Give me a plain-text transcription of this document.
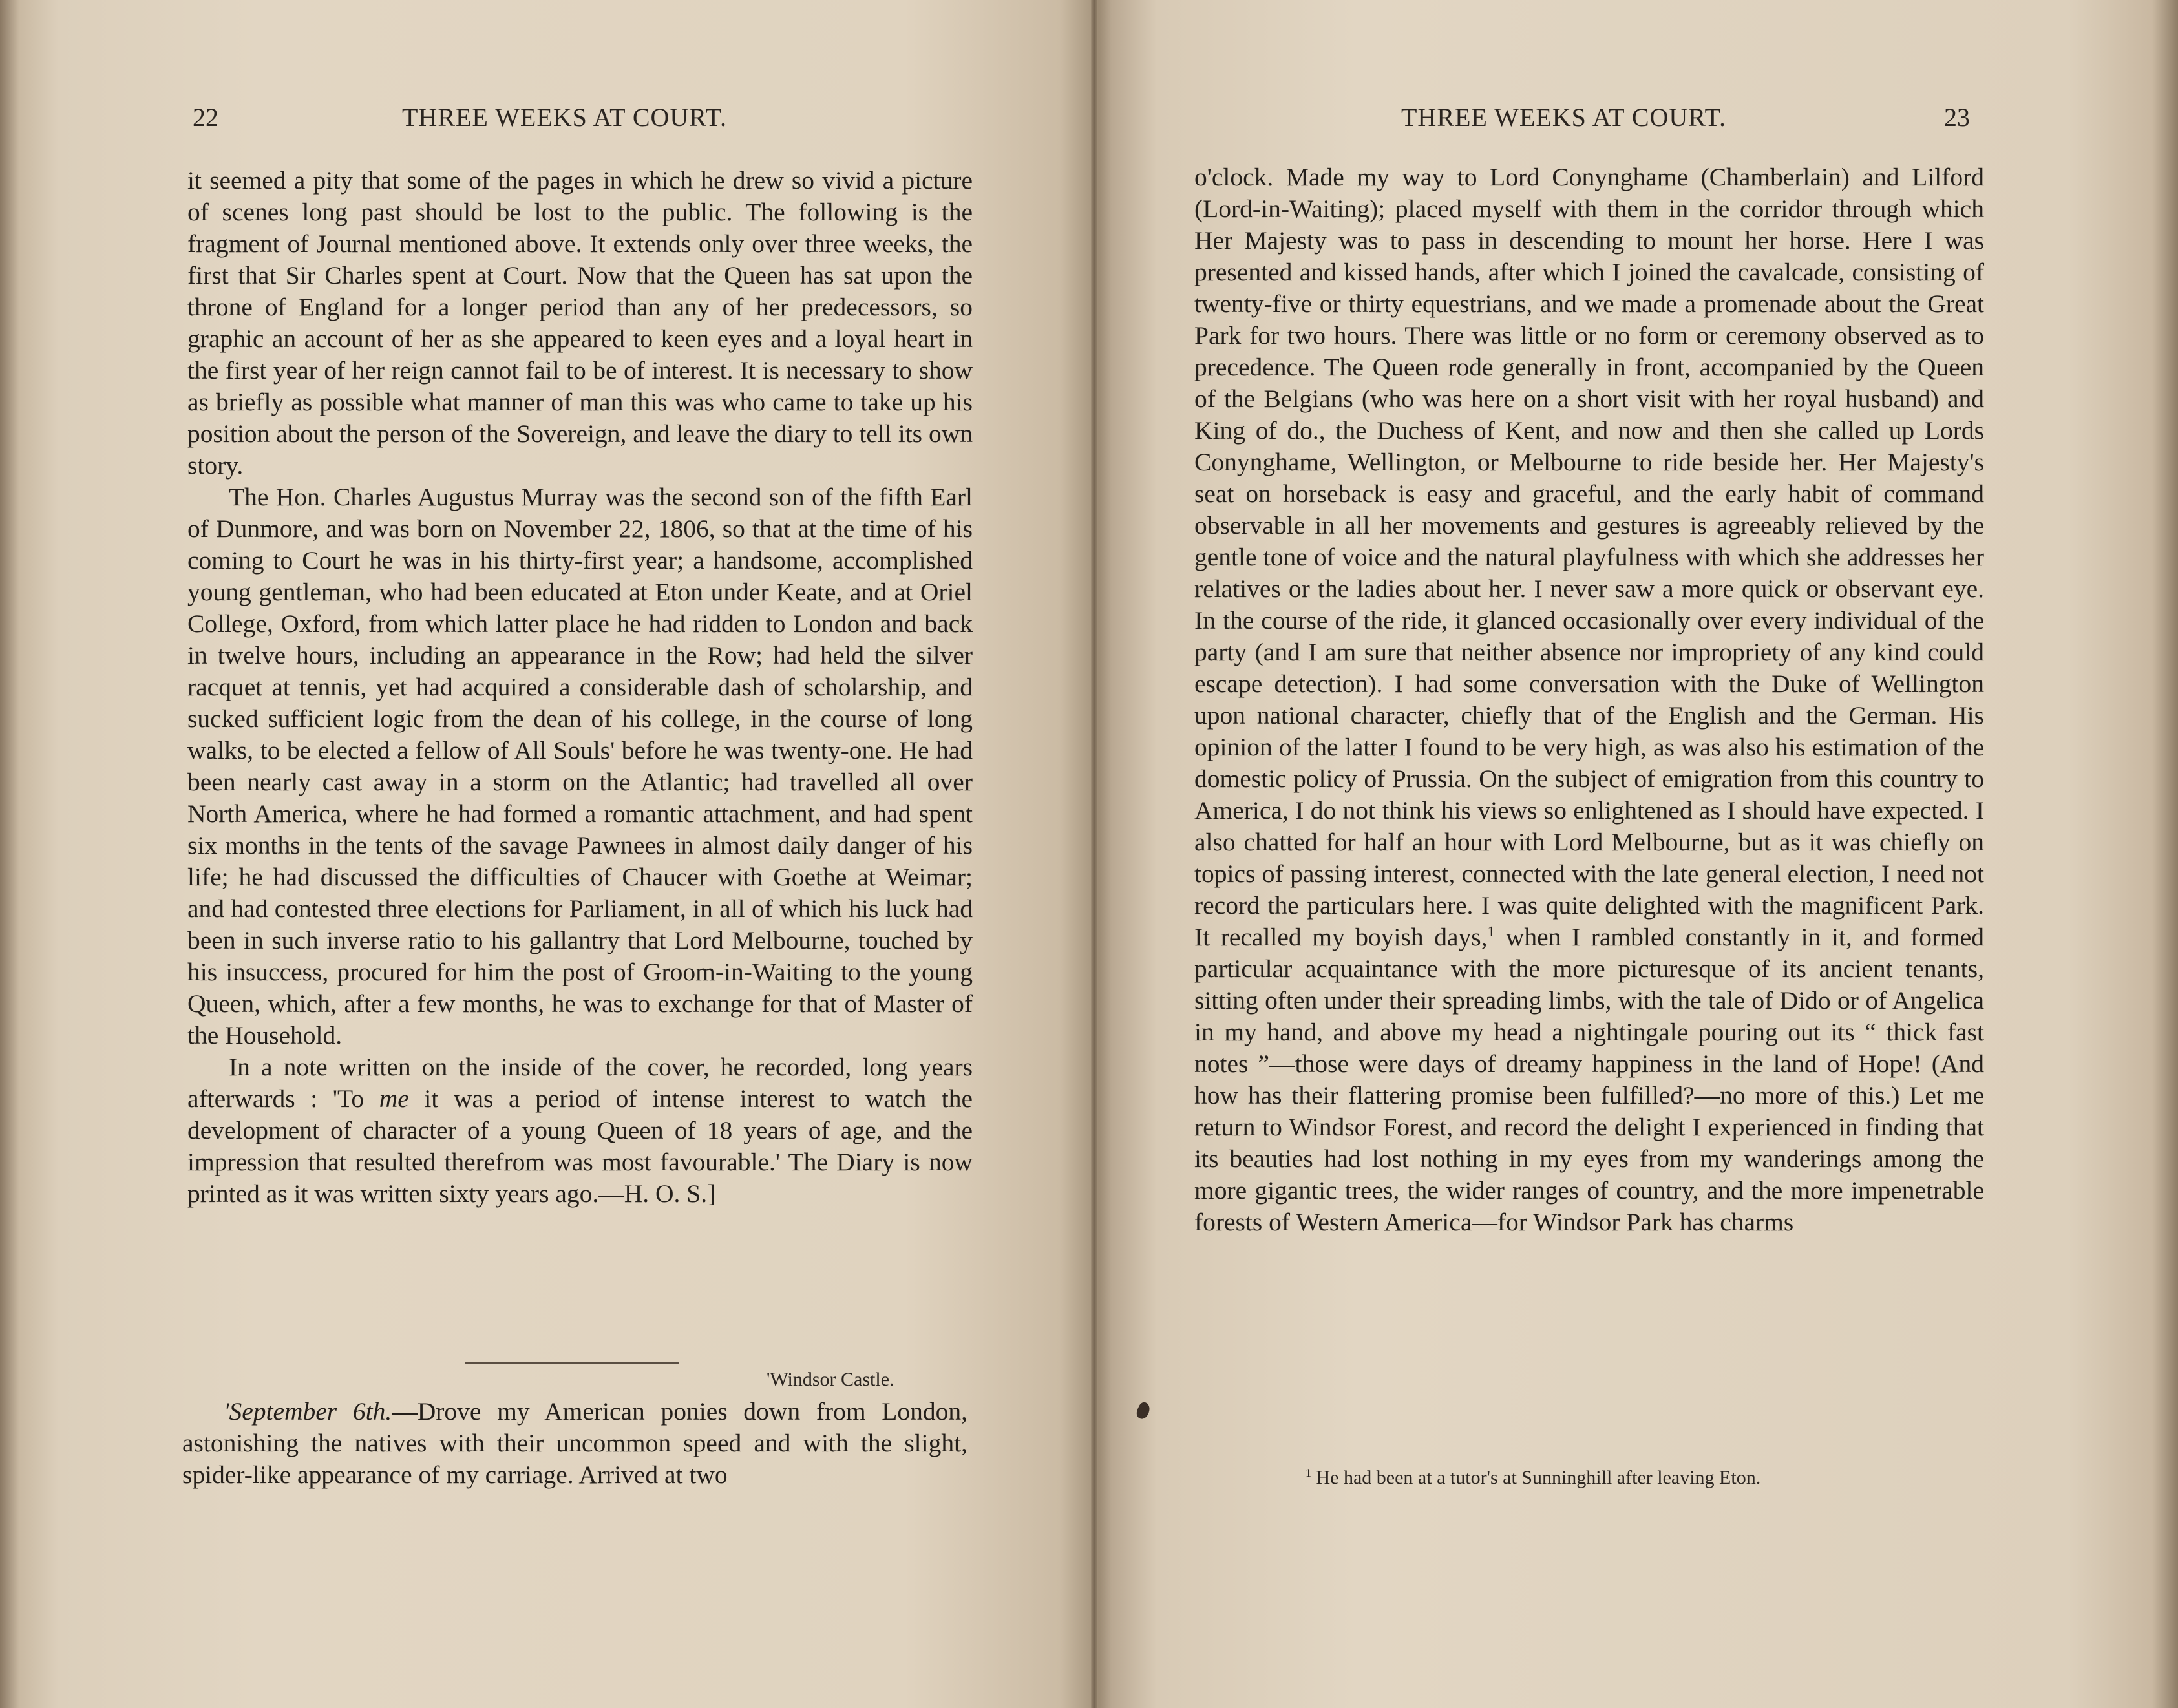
22	THREE WEEKS AT COURT.

it seemed a pity that some of the pages in which he drew so vivid a picture of scenes long past should be lost to the public. The following is the fragment of Journal mentioned above. It extends only over three weeks, the first that Sir Charles spent at Court. Now that the Queen has sat upon the throne of England for a longer period than any of her predecessors, so graphic an account of her as she appeared to keen eyes and a loyal heart in the first year of her reign cannot fail to be of interest. It is necessary to show as briefly as possible what manner of man this was who came to take up his position about the person of the Sovereign, and leave the diary to tell its own story.

The Hon. Charles Augustus Murray was the second son of the fifth Earl of Dunmore, and was born on November 22, 1806, so that at the time of his coming to Court he was in his thirty-first year; a handsome, accomplished young gentleman, who had been educated at Eton under Keate, and at Oriel College, Oxford, from which latter place he had ridden to London and back in twelve hours, including an appearance in the Row; had held the silver racquet at tennis, yet had acquired a considerable dash of scholarship, and sucked sufficient logic from the dean of his college, in the course of long walks, to be elected a fellow of All Souls' before he was twenty-one. He had been nearly cast away in a storm on the Atlantic; had travelled all over North America, where he had formed a romantic attachment, and had spent six months in the tents of the savage Pawnees in almost daily danger of his life; he had discussed the difficulties of Chaucer with Goethe at Weimar; and had contested three elections for Parliament, in all of which his luck had been in such inverse ratio to his gallantry that Lord Melbourne, touched by his insuccess, procured for him the post of Groom-in-Waiting to the young Queen, which, after a few months, he was to exchange for that of Master of the Household.

In a note written on the inside of the cover, he recorded, long years afterwards : 'To me it was a period of intense interest to watch the development of character of a young Queen of 18 years of age, and the impression that resulted therefrom was most favourable.' The Diary is now printed as it was written sixty years ago.—H. O. S.]

'Windsor Castle.

'September 6th.—Drove my American ponies down from London, astonishing the natives with their uncommon speed and with the slight, spider-like appearance of my carriage. Arrived at two

THREE WEEKS AT COURT.	23

o'clock. Made my way to Lord Conynghame (Chamberlain) and Lilford (Lord-in-Waiting); placed myself with them in the corridor through which Her Majesty was to pass in descending to mount her horse. Here I was presented and kissed hands, after which I joined the cavalcade, consisting of twenty-five or thirty equestrians, and we made a promenade about the Great Park for two hours. There was little or no form or ceremony observed as to precedence. The Queen rode generally in front, accompanied by the Queen of the Belgians (who was here on a short visit with her royal husband) and King of do., the Duchess of Kent, and now and then she called up Lords Conynghame, Wellington, or Melbourne to ride beside her. Her Majesty's seat on horseback is easy and graceful, and the early habit of command observable in all her movements and gestures is agreeably relieved by the gentle tone of voice and the natural playfulness with which she addresses her relatives or the ladies about her. I never saw a more quick or observant eye. In the course of the ride, it glanced occasionally over every individual of the party (and I am sure that neither absence nor impropriety of any kind could escape detection). I had some conversation with the Duke of Wellington upon national character, chiefly that of the English and the German. His opinion of the latter I found to be very high, as was also his estimation of the domestic policy of Prussia. On the subject of emigration from this country to America, I do not think his views so enlightened as I should have expected. I also chatted for half an hour with Lord Melbourne, but as it was chiefly on topics of passing interest, connected with the late general election, I need not record the particulars here. I was quite delighted with the magnificent Park. It recalled my boyish days,$^1$ when I rambled constantly in it, and formed particular acquaintance with the more picturesque of its ancient tenants, sitting often under their spreading limbs, with the tale of Dido or of Angelica in my hand, and above my head a nightingale pouring out its “ thick fast notes ”—those were days of dreamy happiness in the land of Hope! (And how has their flattering promise been fulfilled?—no more of this.) Let me return to Windsor Forest, and record the delight I experienced in finding that its beauties had lost nothing in my eyes from my wanderings among the more gigantic trees, the wider ranges of country, and the more impenetrable forests of Western America—for Windsor Park has charms

$^1$ He had been at a tutor's at Sunninghill after leaving Eton.
